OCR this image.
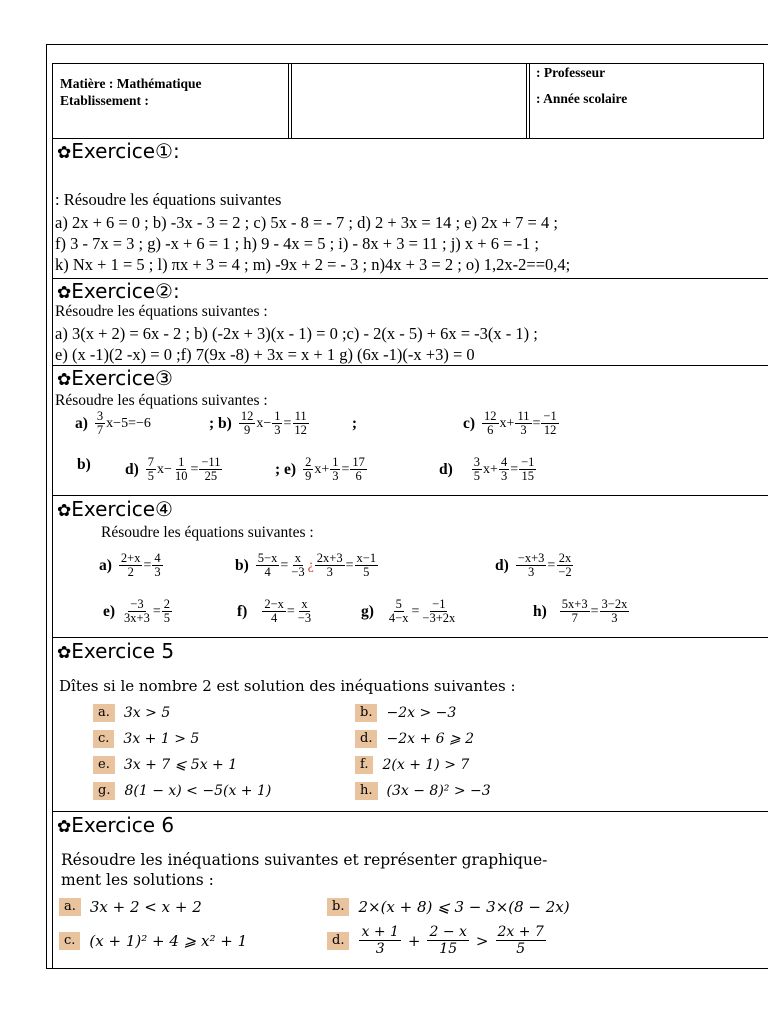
Matière : Mathématique
Etablissement :
: Professeur
: Année scolaire
✿Exercice①:
: Résoudre les équations suivantes
a) 2x + 6 = 0 ; b) -3x - 3 = 2 ; c) 5x - 8 = - 7 ; d) 2 + 3x = 14 ; e) 2x + 7 = 4 ;
f) 3 - 7x = 3 ; g) -x + 6 = 1 ; h) 9 - 4x = 5 ; i) - 8x + 3 = 11 ; j) x + 6 = -1 ;
k) Nx + 1 = 5 ; l) πx + 3 = 4 ; m) -9x + 2 = - 3 ; n)4x + 3 = 2 ; o) 1,2x-2==0,4;
✿Exercice②:
Résoudre les équations suivantes :
a) 3(x + 2) = 6x - 2 ; b) (-2x + 3)(x - 1) = 0 ;c) - 2(x - 5) + 6x = -3(x - 1) ;
e) (x -1)(2 -x) = 0 ;f) 7(9x -8) + 3x = x + 1 g) (6x -1)(-x +3) = 0
✿Exercice③
Résoudre les équations suivantes :
$a) \frac{3}{7} x-5=-6$	; $b) \frac{12}{9} x- \frac{1}{3} = \frac{11}{12}$	;	$c) \frac{12}{6} x+ \frac{11}{3} = \frac{-1}{12}$
b) $d) \frac{7}{5} x- \frac{1}{10} = \frac{-11}{25}$	; $e) \frac{2}{9} x+ \frac{1}{3} = \frac{17}{6}$	$d) \frac{3}{5} x+ \frac{4}{3} = \frac{-1}{15}$
✿Exercice④
Résoudre les équations suivantes :
$a) \frac{2+x}{2} = \frac{4}{3}$	$b) \frac{5-x}{4} = \frac{x}{-3}$ ¿ $\frac{2x+3}{3} = \frac{x-1}{5}$	$d) \frac{-x+3}{3} = \frac{2x}{-2}$
$e) \frac{-3}{3x+3} = \frac{2}{5}$	$f) \frac{2-x}{4} = \frac{x}{-3}$	$g) \frac{5}{4-x} = \frac{-1}{-3+2x}$	$h) \frac{5x+3}{7} = \frac{3-2x}{3}$
✿Exercice 5
Dîtes si le nombre 2 est solution des inéquations suivantes :
a.	3x > 5	b.	−2x > −3
c.	3x + 1 > 5	d.	−2x + 6 ⩾ 2
e.	3x + 7 ⩽ 5x + 1	f.	2(x + 1) > 7
g.	8(1 − x) < −5(x + 1)	h.	(3x − 8)² > −3
✿Exercice 6
Résoudre les inéquations suivantes et représenter graphique-
ment les solutions :
a. 3x + 2 < x + 2	b. 2×(x + 8) ⩽ 3 − 3×(8 − 2x)
c. (x + 1)² + 4 ⩾ x² + 1	d.	$\frac{x + 1}{3} + \frac{2 - x}{15} > \frac{2x + 7}{5}$
